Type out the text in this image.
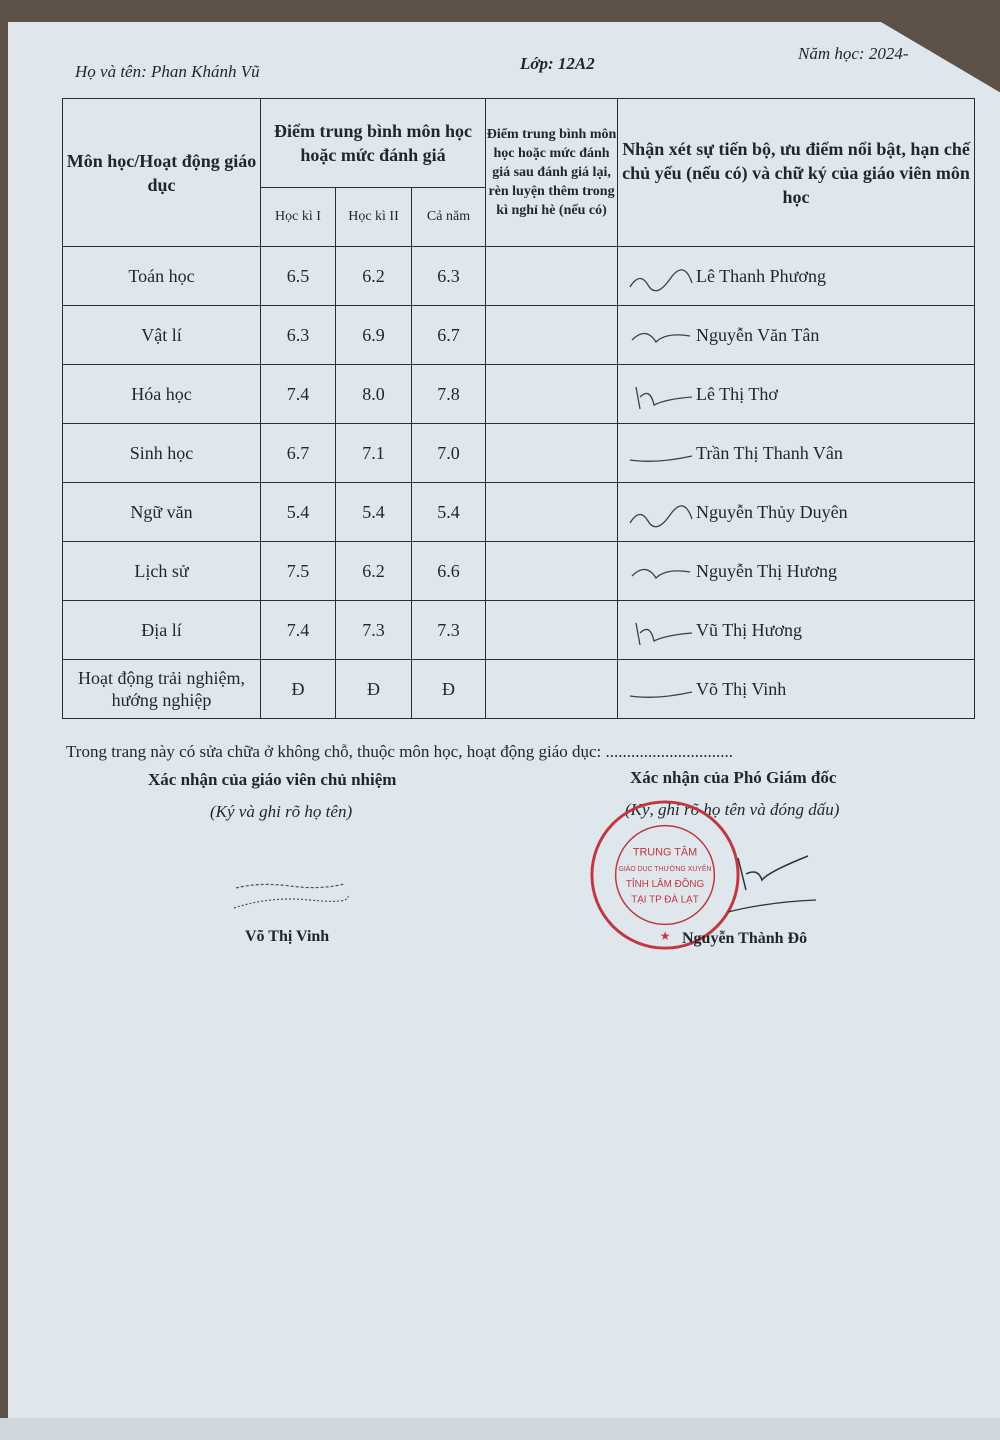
Họ và tên: Phan Khánh Vũ	Lớp: 12A2
Năm học: 2024-
Môn học/Hoạt động giáo dục	Điểm trung bình môn học hoặc mức đánh giá			Điểm trung bình môn học hoặc mức đánh giá sau đánh giá lại, rèn luyện thêm trong kì nghỉ hè (nếu có)	Nhận xét sự tiến bộ, ưu điểm nổi bật, hạn chế chủ yếu (nếu có) và chữ ký của giáo viên môn học
	Học kì I	Học kì II	Cả năm		
Toán học	6.5	6.2	6.3		Lê Thanh Phương
Vật lí	6.3	6.9	6.7		Nguyễn Văn Tân
Hóa học	7.4	8.0	7.8		Lê Thị Thơ
Sinh học	6.7	7.1	7.0		Trần Thị Thanh Vân
Ngữ văn	5.4	5.4	5.4		Nguyễn Thủy Duyên
Lịch sử	7.5	6.2	6.6		Nguyễn Thị Hương
Địa lí	7.4	7.3	7.3		Vũ Thị Hương
Hoạt động trải nghiệm, hướng nghiệp	Đ	Đ	Đ		Võ Thị Vinh
Trong trang này có sửa chữa ở không chỗ, thuộc môn học, hoạt động giáo dục: ..............................
Xác nhận của giáo viên chủ nhiệm	Xác nhận của Phó Giám đốc
(Ký và ghi rõ họ tên)	(Ký, ghi rõ họ tên và đóng dấu)
TRUNG TÂM
GIÁO DỤC THƯỜNG XUYÊN
TỈNH LÂM ĐỒNG
TẠI TP ĐÀ LẠT
★
Võ Thị Vinh	Nguyễn Thành Đô
